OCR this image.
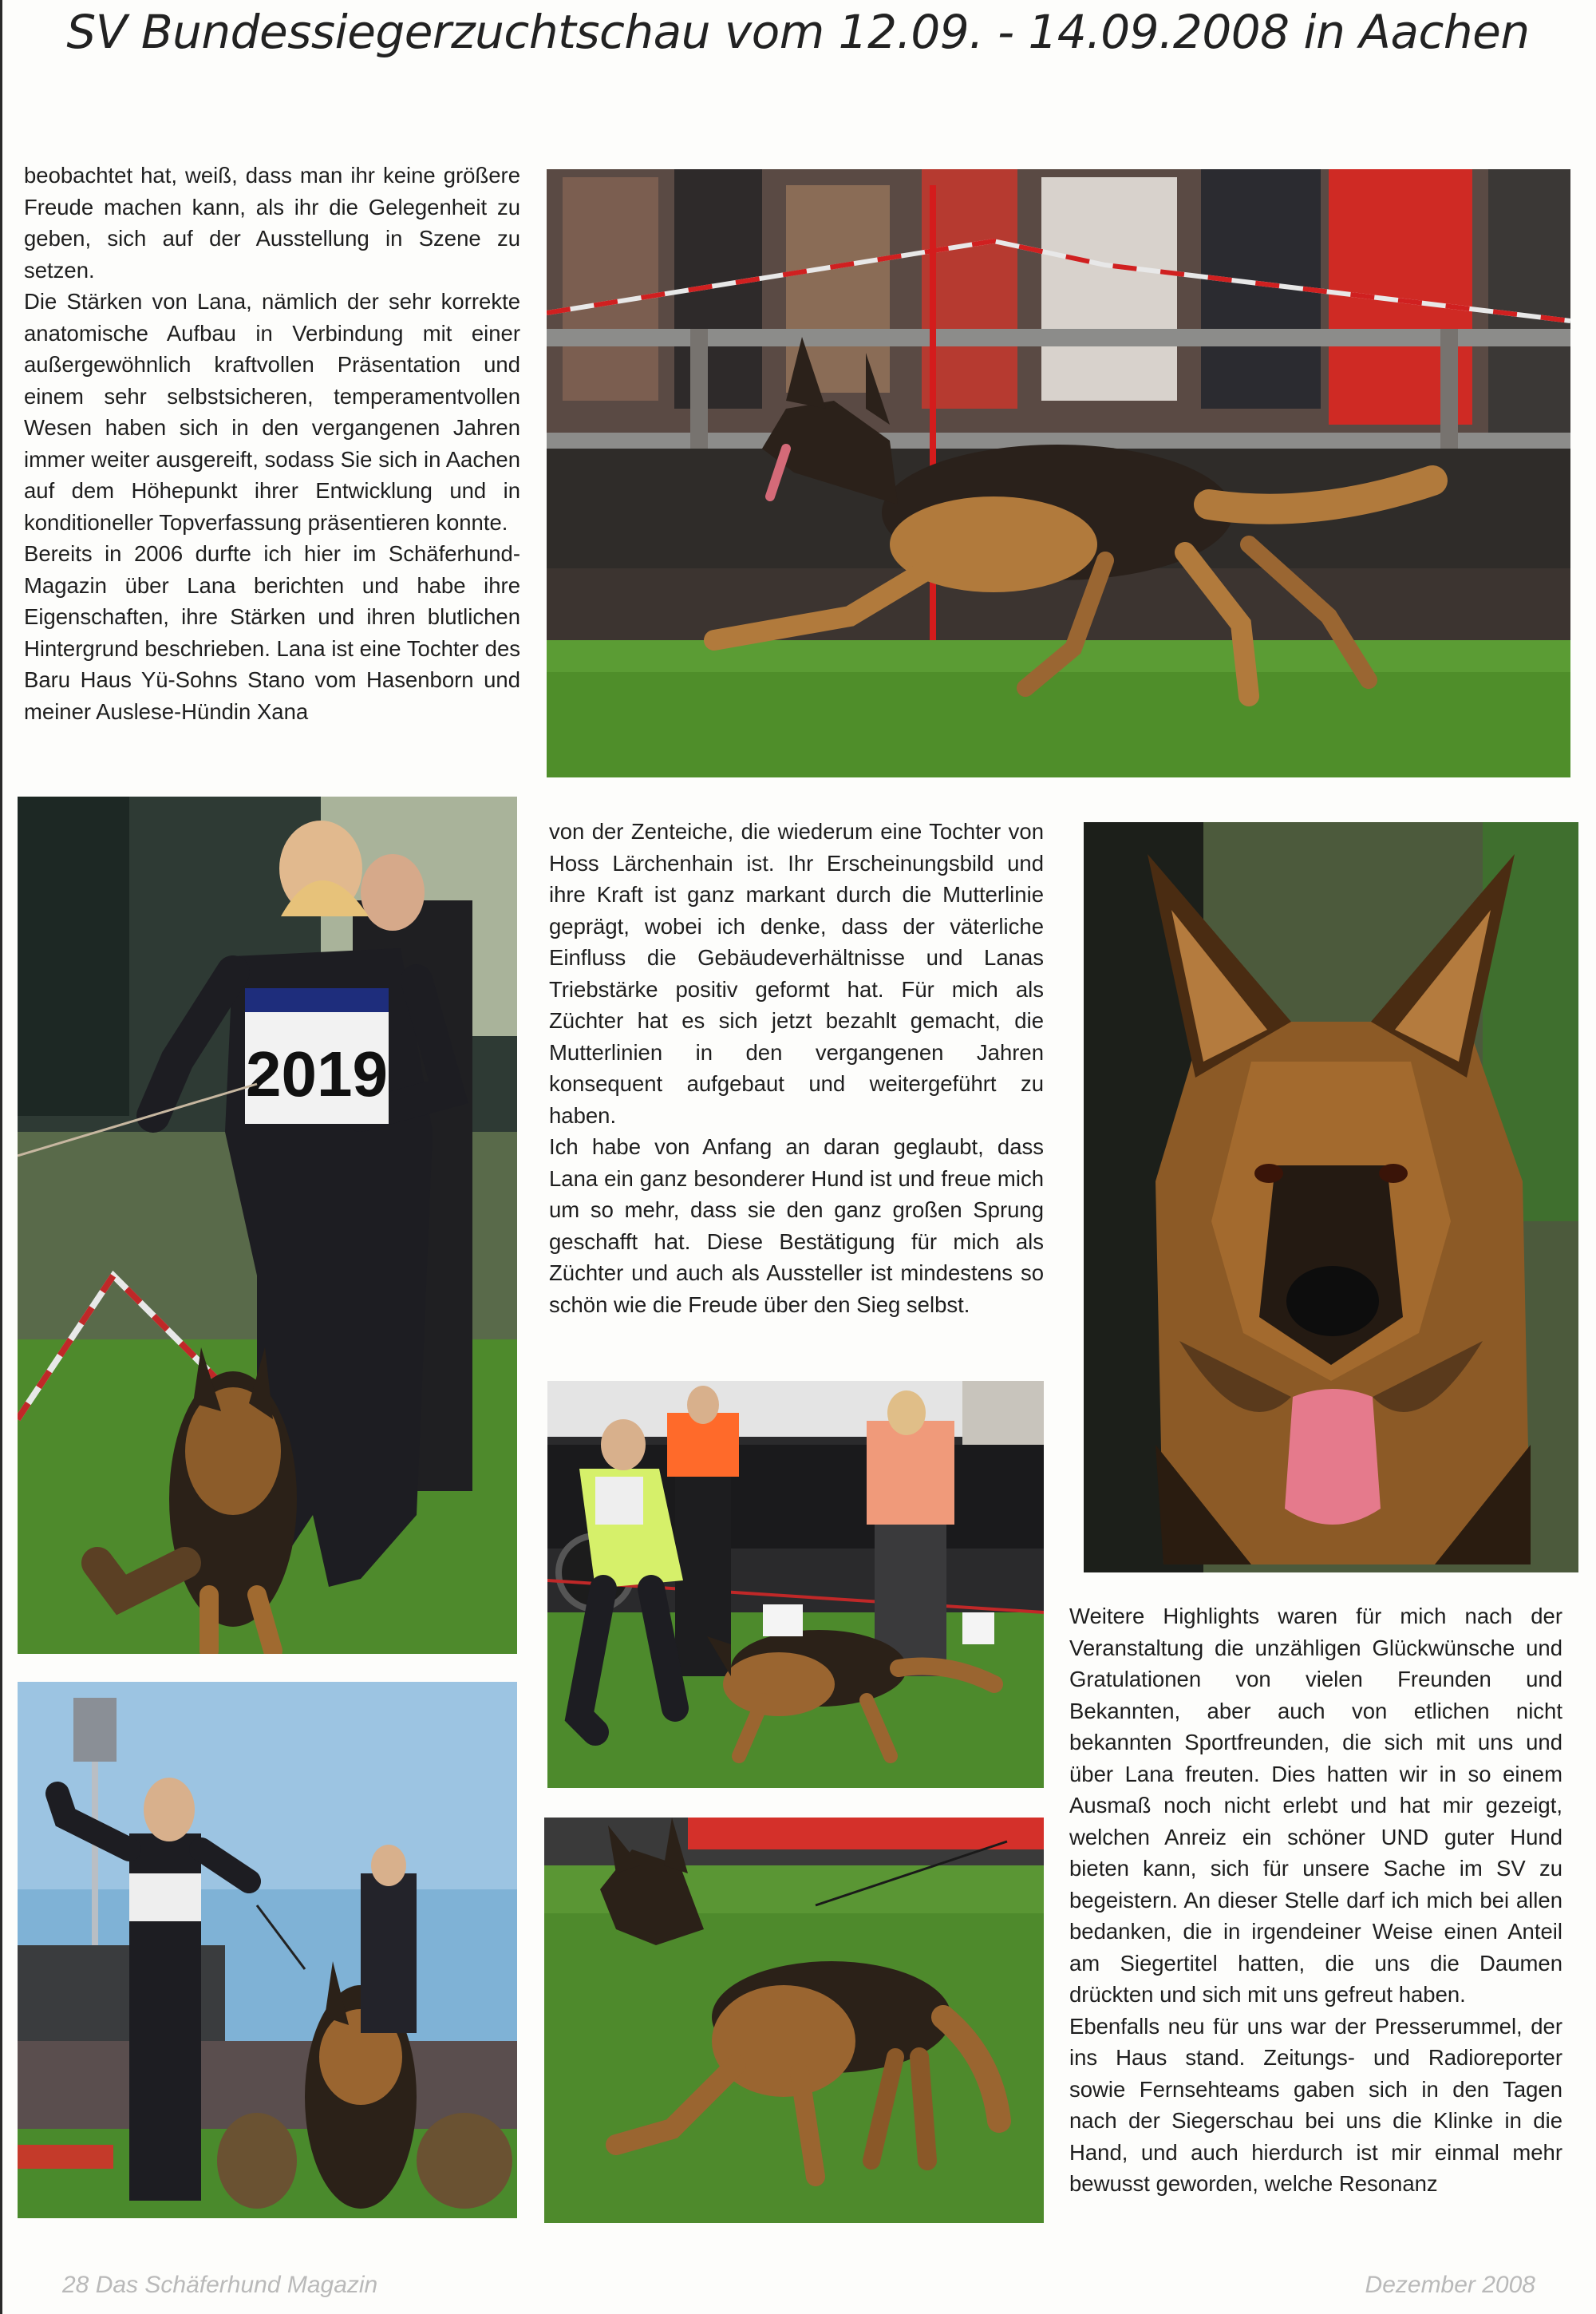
SV Bundessiegerzuchtschau vom 12.09. - 14.09.2008 in Aachen

beobachtet hat, weiß, dass man ihr keine größere Freude machen kann, als ihr die Gelegenheit zu geben, sich auf der Ausstellung in Szene zu setzen.

Die Stärken von Lana, nämlich der sehr korrekte anatomische Aufbau in Verbindung mit einer außergewöhnlich kraftvollen Präsentation und einem sehr selbstsicheren, temperamentvollen Wesen haben sich in den vergangenen Jahren immer weiter ausgereift, sodass Sie sich in Aachen auf dem Höhepunkt ihrer Entwicklung und in konditioneller Topverfassung präsentieren konnte.

Bereits in 2006 durfte ich hier im Schäferhund-Magazin über Lana berichten und habe ihre Eigenschaften, ihre Stärken und ihren blutlichen Hintergrund beschrieben. Lana ist eine Tochter des Baru Haus Yü-Sohns Stano vom Hasenborn und meiner Auslese-Hündin Xana

von der Zenteiche, die wiederum eine Tochter von Hoss Lärchenhain ist. Ihr Erscheinungsbild und ihre Kraft ist ganz markant durch die Mutterlinie geprägt, wobei ich denke, dass der väterliche Einfluss die Gebäudeverhältnisse und Lanas Triebstärke positiv geformt hat. Für mich als Züchter hat es sich jetzt bezahlt gemacht, die Mutterlinien in den vergangenen Jahren konsequent aufgebaut und weitergeführt zu haben.

Ich habe von Anfang an daran geglaubt, dass Lana ein ganz besonderer Hund ist und freue mich um so mehr, dass sie den ganz großen Sprung geschafft hat. Diese Bestätigung für mich als Züchter und auch als Aussteller ist mindestens so schön wie die Freude über den Sieg selbst.

Weitere Highlights waren für mich nach der Veranstaltung die unzähligen Glückwünsche und Gratulationen von vielen Freunden und Bekannten, aber auch von etlichen nicht bekannten Sportfreunden, die sich mit uns und über Lana freuten. Dies hatten wir in so einem Ausmaß noch nicht erlebt und hat mir gezeigt, welchen Anreiz ein schöner UND guter Hund bieten kann, sich für unsere Sache im SV zu begeistern. An dieser Stelle darf ich mich bei allen bedanken, die in irgendeiner Weise einen Anteil am Siegertitel hatten, die uns die Daumen drückten und sich mit uns gefreut haben.

Ebenfalls neu für uns war der Presserummel, der ins Haus stand. Zeitungs- und Radioreporter sowie Fernsehteams gaben sich in den Tagen nach der Siegerschau bei uns die Klinke in die Hand, und auch hierdurch ist mir einmal mehr bewusst geworden, welche Resonanz

2019
28 Das Schäferhund Magazin	Dezember 2008
